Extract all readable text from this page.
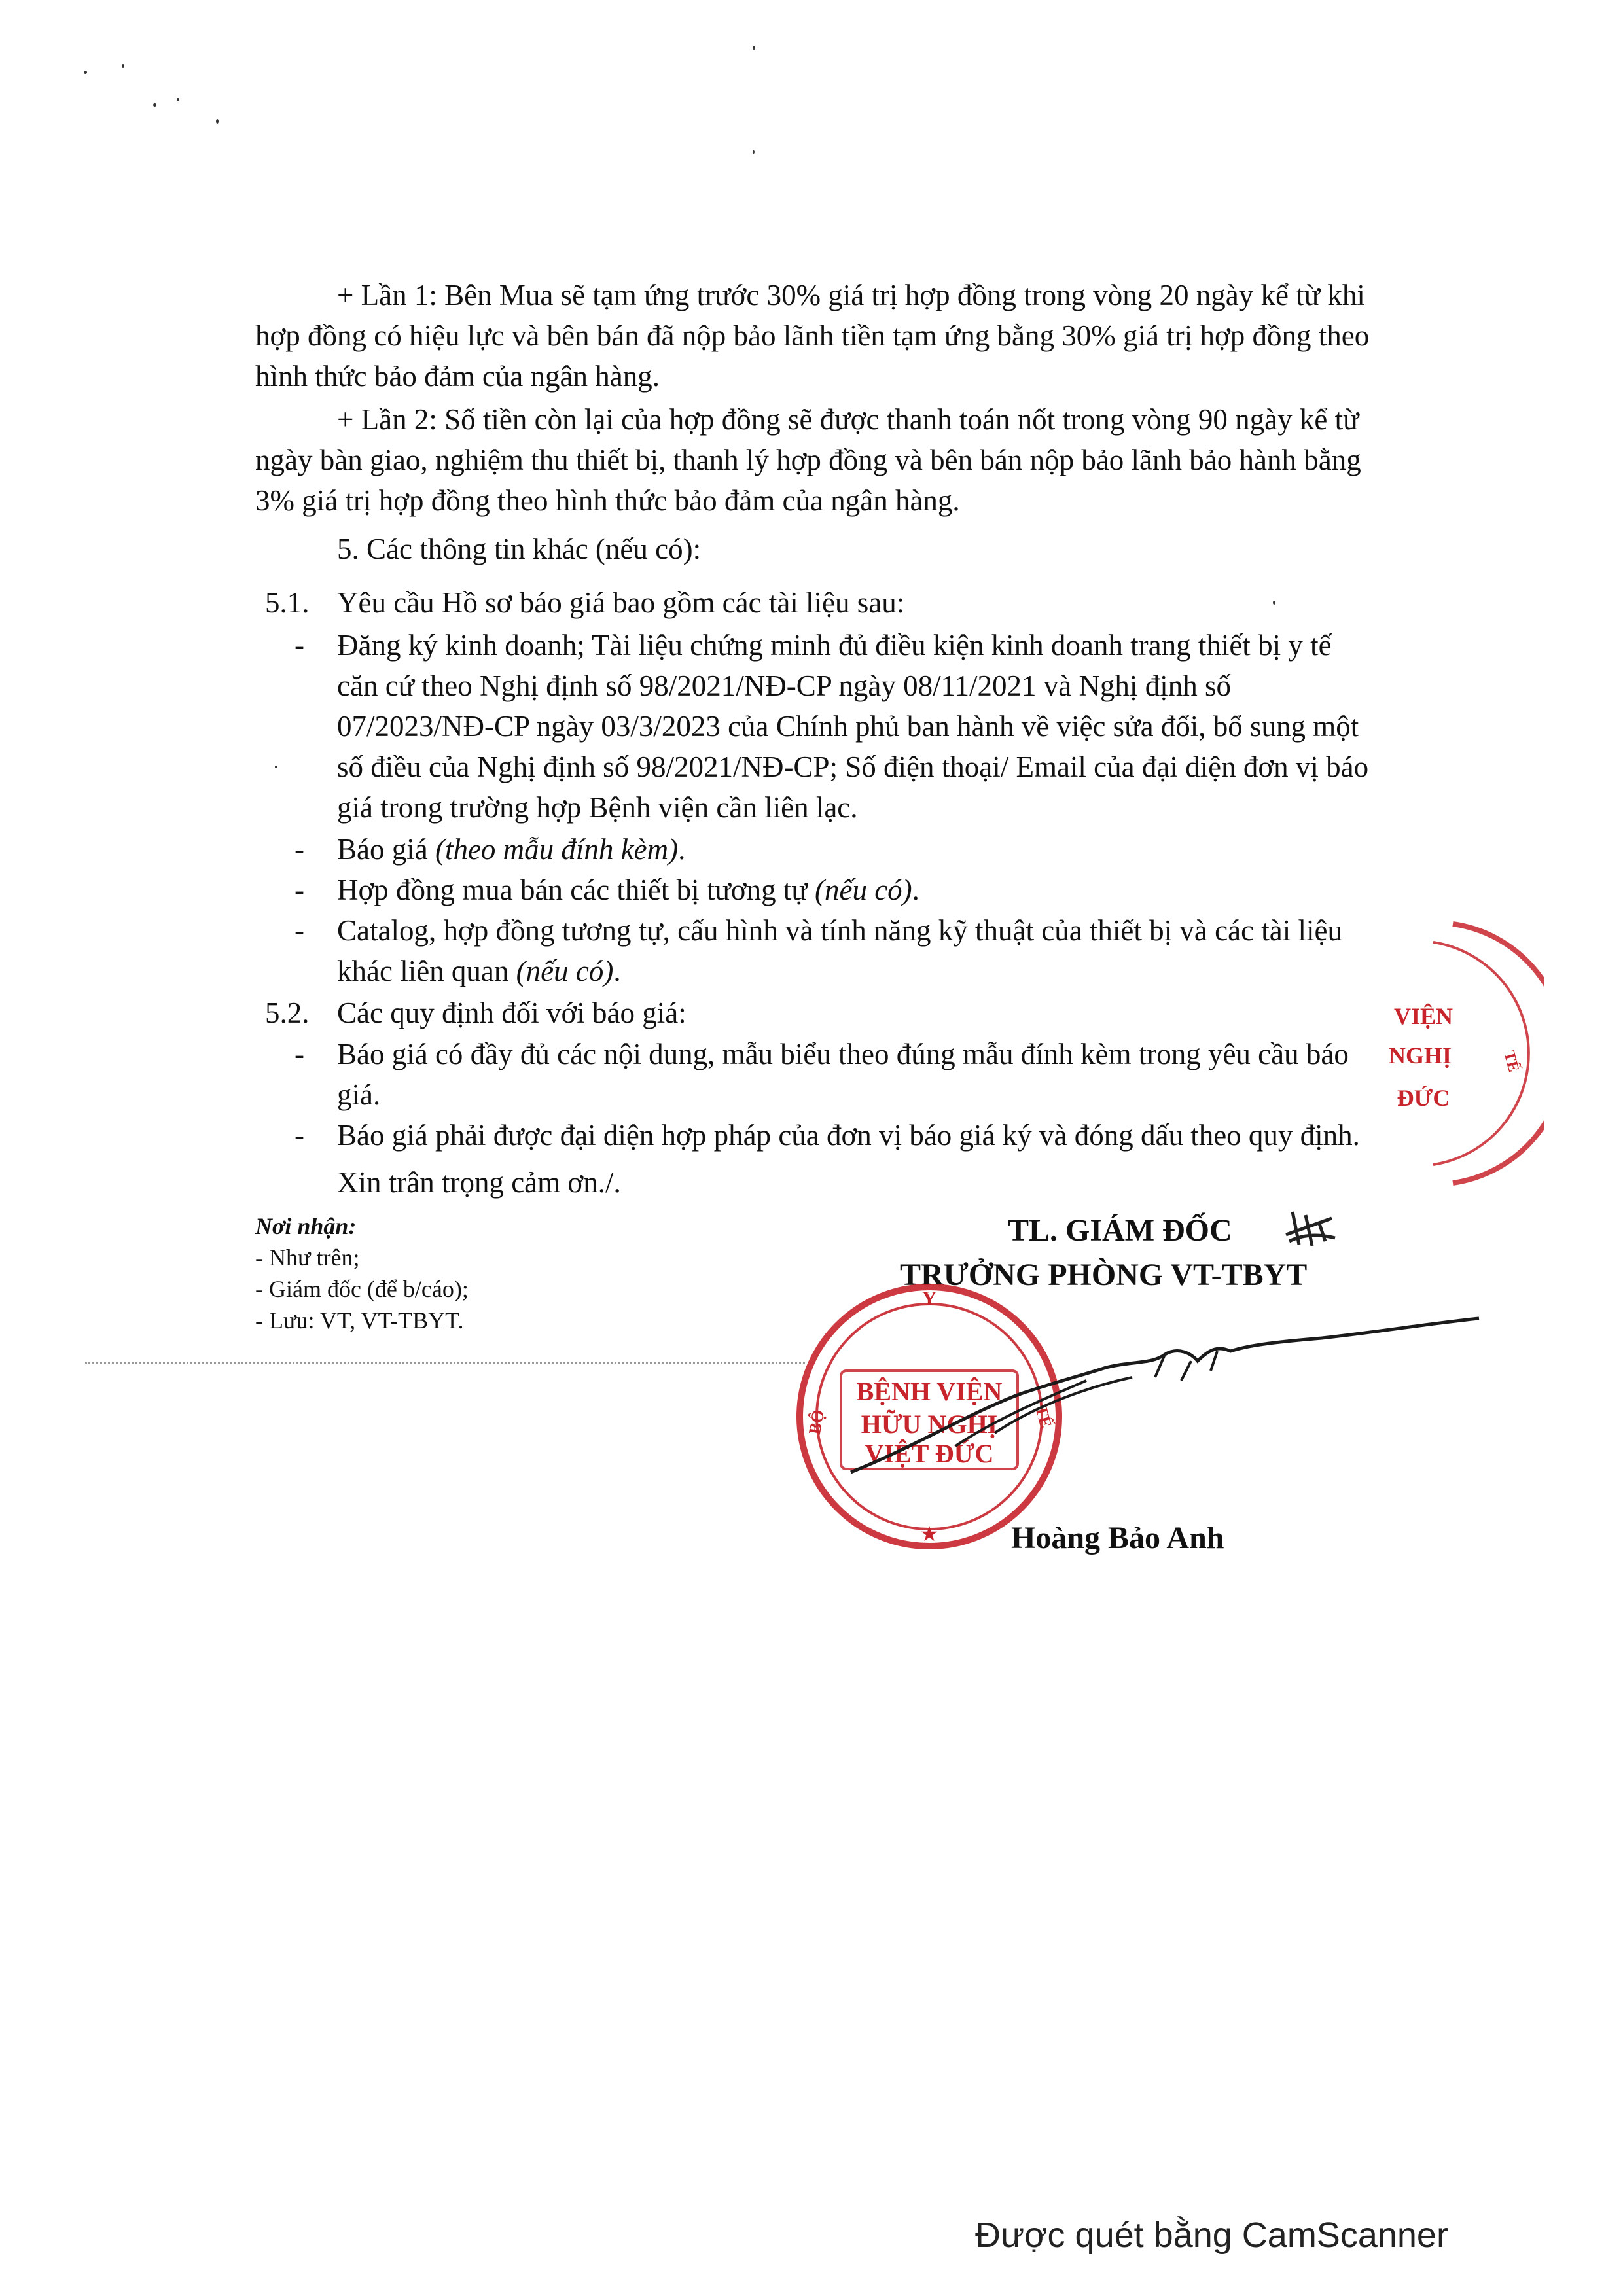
+ Lần 1: Bên Mua sẽ tạm ứng trước 30% giá trị hợp đồng trong vòng 20 ngày kể từ khi
hợp đồng có hiệu lực và bên bán đã nộp bảo lãnh tiền tạm ứng bằng 30% giá trị hợp đồng theo
hình thức bảo đảm của ngân hàng.
+ Lần 2: Số tiền còn lại của hợp đồng sẽ được thanh toán nốt trong vòng 90 ngày kể từ
ngày bàn giao, nghiệm thu thiết bị, thanh lý hợp đồng và bên bán nộp bảo lãnh bảo hành bằng
3% giá trị hợp đồng theo hình thức bảo đảm của ngân hàng.
5. Các thông tin khác (nếu có):
5.1. Yêu cầu Hồ sơ báo giá bao gồm các tài liệu sau:
- Đăng ký kinh doanh; Tài liệu chứng minh đủ điều kiện kinh doanh trang thiết bị y tế
căn cứ theo Nghị định số 98/2021/NĐ-CP ngày 08/11/2021 và Nghị định số
07/2023/NĐ-CP ngày 03/3/2023 của Chính phủ ban hành về việc sửa đổi, bổ sung một
số điều của Nghị định số 98/2021/NĐ-CP; Số điện thoại/ Email của đại diện đơn vị báo
giá trong trường hợp Bệnh viện cần liên lạc.
- Báo giá (theo mẫu đính kèm).
- Hợp đồng mua bán các thiết bị tương tự (nếu có).
- Catalog, hợp đồng tương tự, cấu hình và tính năng kỹ thuật của thiết bị và các tài liệu
khác liên quan (nếu có).
5.2. Các quy định đối với báo giá:
- Báo giá có đầy đủ các nội dung, mẫu biểu theo đúng mẫu đính kèm trong yêu cầu báo
giá.
- Báo giá phải được đại diện hợp pháp của đơn vị báo giá ký và đóng dấu theo quy định.
Xin trân trọng cảm ơn./.
Nơi nhận:
- Như trên;
- Giám đốc (để b/cáo);
- Lưu: VT, VT-TBYT.
TL. GIÁM ĐỐC
TRƯỞNG PHÒNG VT-TBYT
Hoàng Bảo Anh
Y
BỆNH VIỆN
HỮU NGHỊ
VIỆT ĐỨC
BỘ	TẾ
★
VIỆN
NGHỊ
ĐỨC
TẾ
Được quét bằng CamScanner
